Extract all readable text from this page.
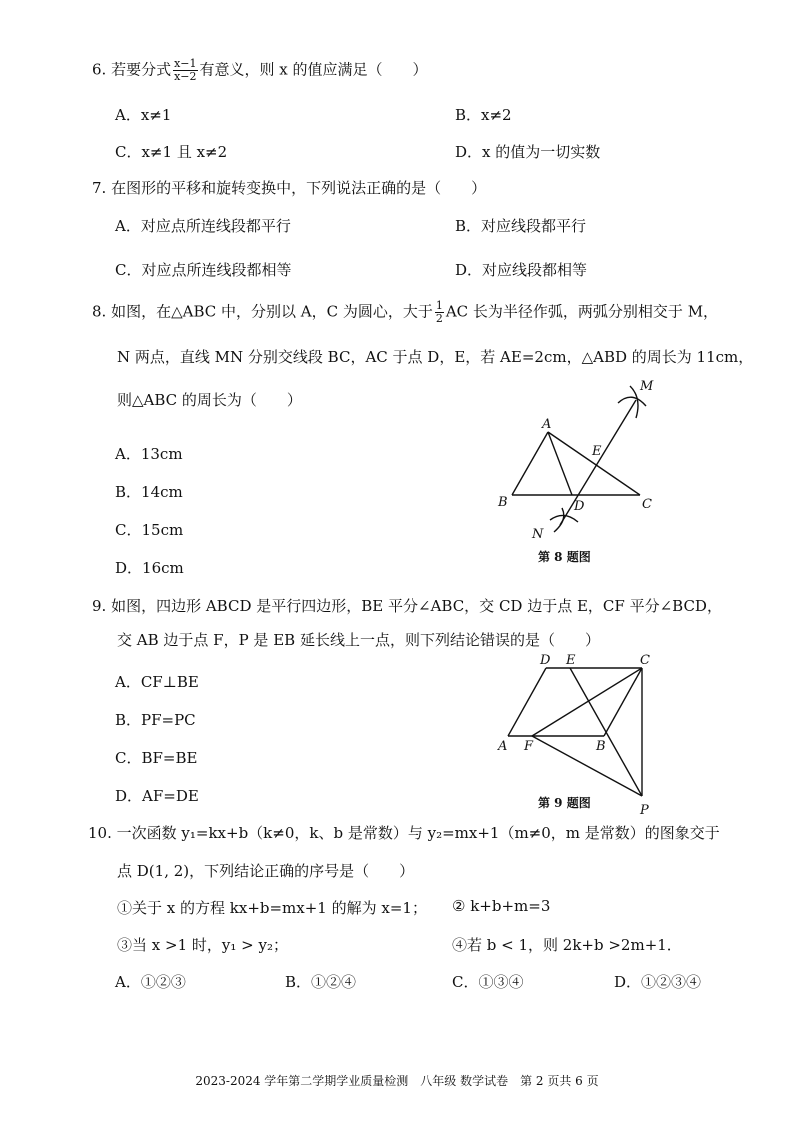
6. 若要分式 $\frac{x-1}{x-2}$ 有意义，则 x 的值应满足（　　）
A．x≠1	B．x≠2
C．x≠1 且 x≠2	D．x 的值为一切实数
7. 在图形的平移和旋转变换中，下列说法正确的是（　　）
A．对应点所连线段都平行	B．对应线段都平行
C．对应点所连线段都相等	D．对应线段都相等
8. 如图，在△ABC 中，分别以 A，C 为圆心，大于 $\frac{1}{2}$ AC 长为半径作弧，两弧分别相交于 M，
N 两点，直线 MN 分别交线段 BC，AC 于点 D，E，若 AE=2cm，△ABD 的周长为 11cm，
则△ABC 的周长为（　　）
A．13cm
B．14cm
C．15cm
D．16cm
A
B	C
D
E
M
N
第 8 题图
9. 如图，四边形 ABCD 是平行四边形，BE 平分∠ABC，交 CD 边于点 E，CF 平分∠BCD，
交 AB 边于点 F，P 是 EB 延长线上一点，则下列结论错误的是（　　）
A．CF⊥BE
B．PF=PC
C．BF=BE
D．AF=DE
D E	C
A F	B
P
第 9 题图
10. 一次函数 y₁=kx+b（k≠0，k、b 是常数）与 y₂=mx+1（m≠0，m 是常数）的图象交于
点 D(1, 2)，下列结论正确的序号是（　　）
①关于 x 的方程 kx+b=mx+1 的解为 x=1； ② k+b+m=3
③当 x >1 时，y₁ > y₂；	④若 b < 1，则 2k+b >2m+1．
A．①②③	B．①②④	C．①③④	D．①②③④
2023-2024 学年第二学期学业质量检测　八年级 数学试卷　第 2 页共 6 页
